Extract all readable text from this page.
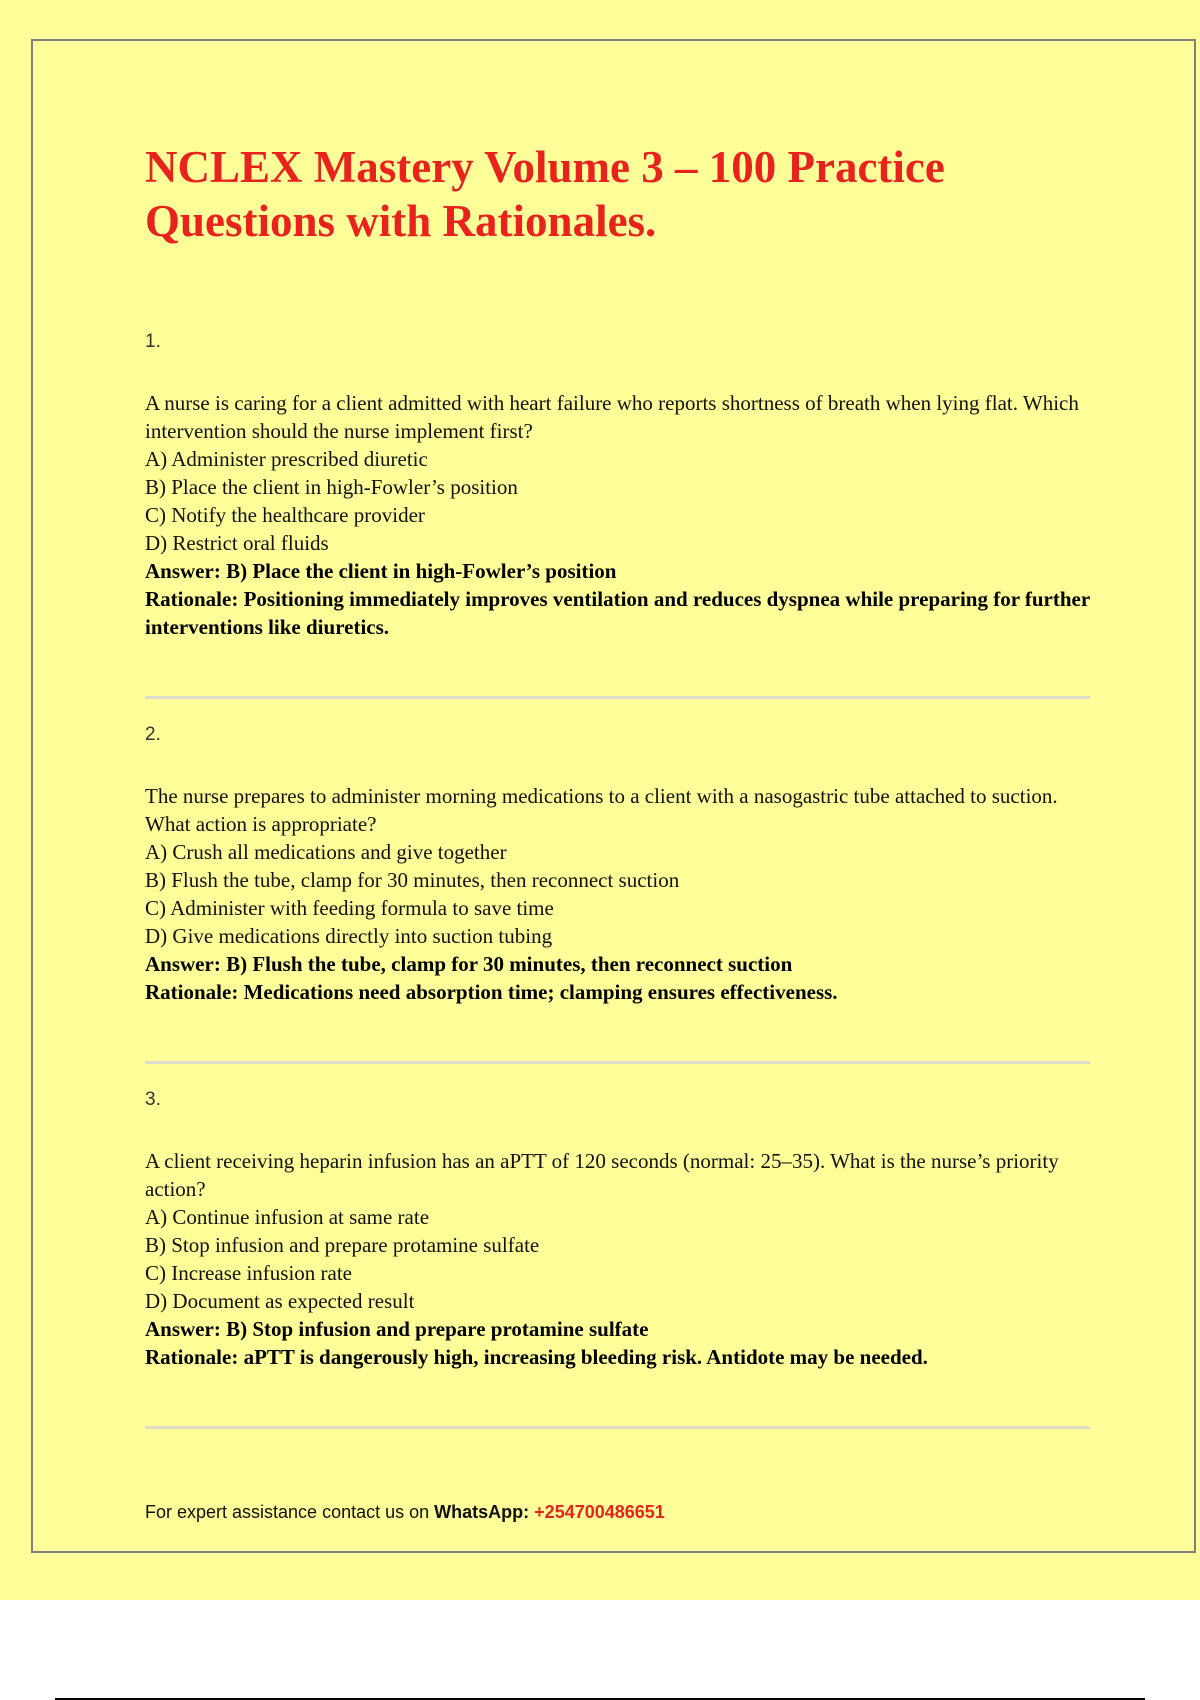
NCLEX Mastery Volume 3 – 100 Practice Questions with Rationales.

1.

A nurse is caring for a client admitted with heart failure who reports shortness of breath when lying flat. Which intervention should the nurse implement first?

A) Administer prescribed diuretic

B) Place the client in high-Fowler’s position

C) Notify the healthcare provider

D) Restrict oral fluids

Answer: B) Place the client in high-Fowler’s position

Rationale: Positioning immediately improves ventilation and reduces dyspnea while preparing for further interventions like diuretics.

2.

The nurse prepares to administer morning medications to a client with a nasogastric tube attached to suction. What action is appropriate?

A) Crush all medications and give together

B) Flush the tube, clamp for 30 minutes, then reconnect suction

C) Administer with feeding formula to save time

D) Give medications directly into suction tubing

Answer: B) Flush the tube, clamp for 30 minutes, then reconnect suction

Rationale: Medications need absorption time; clamping ensures effectiveness.

3.

A client receiving heparin infusion has an aPTT of 120 seconds (normal: 25–35). What is the nurse’s priority action?

A) Continue infusion at same rate

B) Stop infusion and prepare protamine sulfate

C) Increase infusion rate

D) Document as expected result

Answer: B) Stop infusion and prepare protamine sulfate

Rationale: aPTT is dangerously high, increasing bleeding risk. Antidote may be needed.

For expert assistance contact us on WhatsApp: +254700486651
